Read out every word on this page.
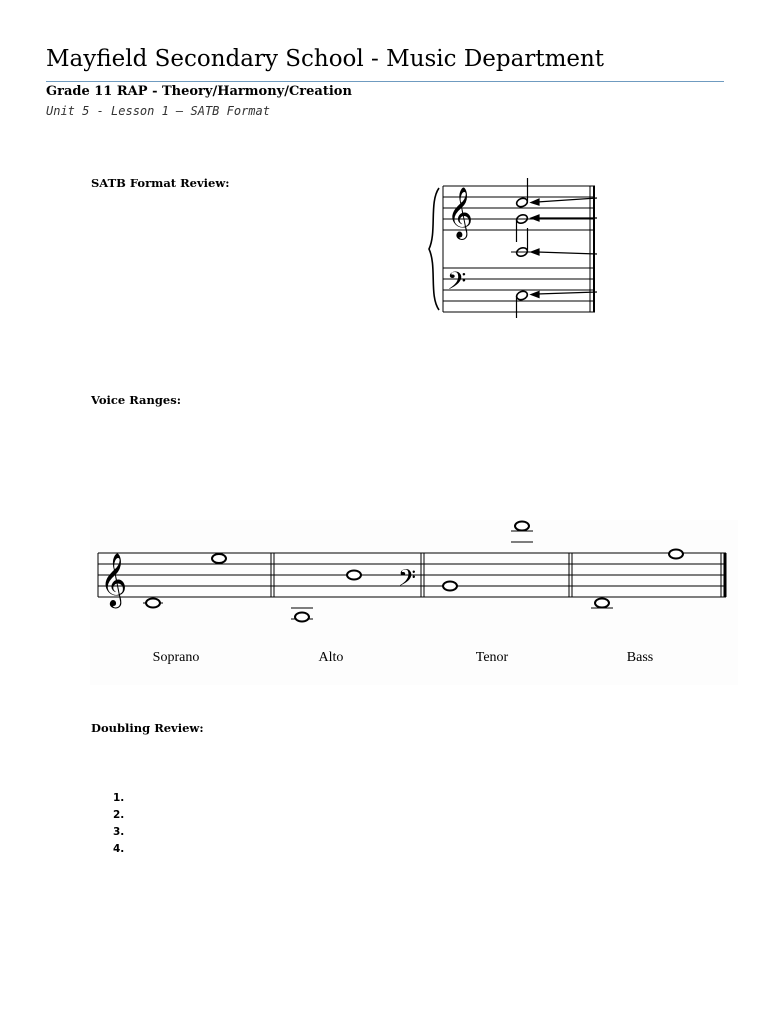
Mayfield Secondary School - Music Department
Grade 11 RAP - Theory/Harmony/Creation
Unit 5 - Lesson 1 – SATB Format
SATB Format Review:
𝄞
𝄢
Voice Ranges:
𝄞	𝄢
Soprano	Alto	Tenor	Bass
Doubling Review:
1.
2.
3.
4.
